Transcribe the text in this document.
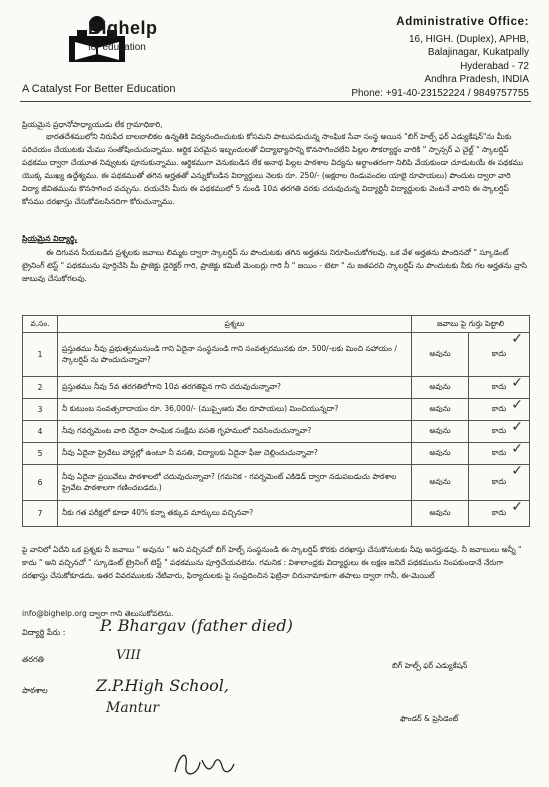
Bighelp
for education
A Catalyst For Better Education
Administrative Office:
16, HIGH. (Duplex), APHB,
Balajinagar, Kukatpally
Hyderabad - 72
Andhra Pradesh, INDIA
Phone: +91-40-23152224 / 9849757755
ప్రియమైన ప్రధానోపాధ్యాయుడు లేక గ్రామాధికారి,
భారతదేశములోని నిరుపేద బాలబాలికల ఉన్నతికి విద్యనందించుటకు కోసమని పాటుపడుచున్న సాంఘిక సేవా సంస్థ అయిన "బిగ్ హెల్ప్ ఫర్ ఎడ్యుకేషన్"ను మీకు పరిచయం చేయుటకు మేము సంతోషించుచున్నాము. ఆర్థిక పరమైన ఇబ్బందులతో విద్యాభ్యాసాన్ని కొనసాగించలేని పిల్లల సౌకర్యార్థం వారికి " స్పాన్సర్ ఎ చైల్డ్ " స్కాలర్షిప్ పథకము ద్వారా చేయూత నివ్వుటకు పూనుకున్నాము. ఆర్థికముగా వెనుకబడిన లేక అనాథ పిల్లల పాఠశాల విద్యను అర్థాంతరంగా నిలిపి వేయకుండా చూడుటయే ఈ పథకము యొక్క ముఖ్య ఉద్దేశ్యము. ఈ పథకముతో తగిన అర్హతతో ఎన్నుకోబడిన విద్యార్థులు నెలకు రూ. 250/- (అక్షరాల రెండువందల యాభై రూపాయలు) పొందుట ద్వారా వారి విద్యా జీవితమును కొనసాగించ వచ్చును. దయచేసి మీరు ఈ పథకములో 5 నుండి 10వ తరగతి వరకు చదువుచున్న విద్యార్థినీ విద్యార్థులకు వెంటనే వారిని ఈ స్కాలర్షిప్ కోసము దరఖాస్తు చేసుకోవలసినదిగా కోరుచున్నాము.
ప్రియమైన విద్యార్థి,
ఈ దిగువన నీయబడిన ప్రశ్నలకు జవాబు లిమ్మట ద్వారా స్కాలర్షిప్ ను పొందుటకు తగిన అర్హతను నిరూపించుకోగలవు. ఒక వేళ అర్హతను పొందినచో " స్కూడెంట్ ట్రైనింగ్ టెస్ట్ " పథకమును పూర్తిచేసి మీ ప్రాజెక్టు డైరెక్టర్ గారి, ప్రాజెక్టు కమిటీ మెంబర్లు గారి నీ " జయిం - టెటా " ను జతపరచి స్కాలర్షిప్ ను పొందుటకు నీకు గల అర్హతను వ్రాసి జుబువు చేసుకోగలవు.
వ.సం.	ప్రశ్నలు	జవాబు పై గుర్తు పెట్టాలి	
1	ప్రస్తుతము నీవు ప్రభుత్వమునుండి గాని ఏదైనా సంస్థనుండి గాని సంవత్సరమునకు రూ. 500/-లకు మించి సహాయం / స్కాలర్షిప్ ను పొందుచున్నావా?	అవును	కాదు
✓

2	ప్రస్తుతము నీవు 5వ తరగతిలోగాని 10వ తరగతిపైన గాని చదువుచున్నావా?	అవును	కాదు ✓

3	నీ కుటుంబ సంవత్సరాదాయం రూ. 36,000/- (ముప్పైఆరు వేల రూపాయలు) మించియున్నదా?	అవును	కాదు ✓

4	నీవు గవర్నమెంట వారి చేదైనా సాంఘిక సంక్షేమ వసతి గృహములో నివసించుచున్నావా?	అవును	కాదు ✓

5	నీవు ఏదైనా ప్రైవేటు హాస్టల్లో ఉంటూ నీ వసతి, విద్యాలకు ఏదైనా ఫీజు చెల్లించుచున్నావా?	అవును	కాదు ✓

6	నీవు ఏదైనా ప్రయివేటు పాఠశాలలో చదువుచున్నావా? (గమనిక - గవర్నమెంట్ ఎకిడెడ్ ద్వారా నడుపబడుచు పాఠశాల ప్రైవేట పాఠశాలగా గణించబడదు.)	అవును	కాదు
✓

7	నీకు గత పరీక్షలో కూడా 40% కన్నా తక్కువ మార్కులు వచ్చినవా?	అవును	కాదు ✓
పై వానిలో ఏదేని ఒక ప్రశ్నకు నీ జవాబు " అవును " అని వచ్చినచో బిగ్ హెల్ప్ సంస్థనుండి ఈ స్కాలర్షిప్ కొరకు దరఖాస్తు చేసుకొనుటకు నీవు అనర్హుడవు. నీ జవాబులు అన్నీ " కాదు " అని వచ్చినచో " స్కూడెంట్ ట్రైనింగ్ టెస్ట్ " పథకమును పూర్తిచేయవలెను. గమనిక : విశాలాంధ్రకు విద్యార్థులు ఈ లక్షణ జనిదే పథకమును నింపకుండానే నేరుగా దరఖాస్తు చేసుకోకూడదు. ఇతర వివరములకు నేటివారు, ఫిర్యాదులకు పై సంప్రదించిన ఫెట్రినా చిరునామాకుగా తపాలు ద్వారా గానీ, ఈ-మెయిల్
info@bighelp.org ద్వారా గాని తెలుసుకోవలెను.
విద్యార్థి పేరు : P. Bhargav (father died)
తరగతి	VIII
పాఠశాల	Z.P.High School,
Mantur
బిగ్ హెల్ప్ ఫర్ ఎడ్యుకేషన్
ఫౌండర్ & ప్రెసిడెంట్
